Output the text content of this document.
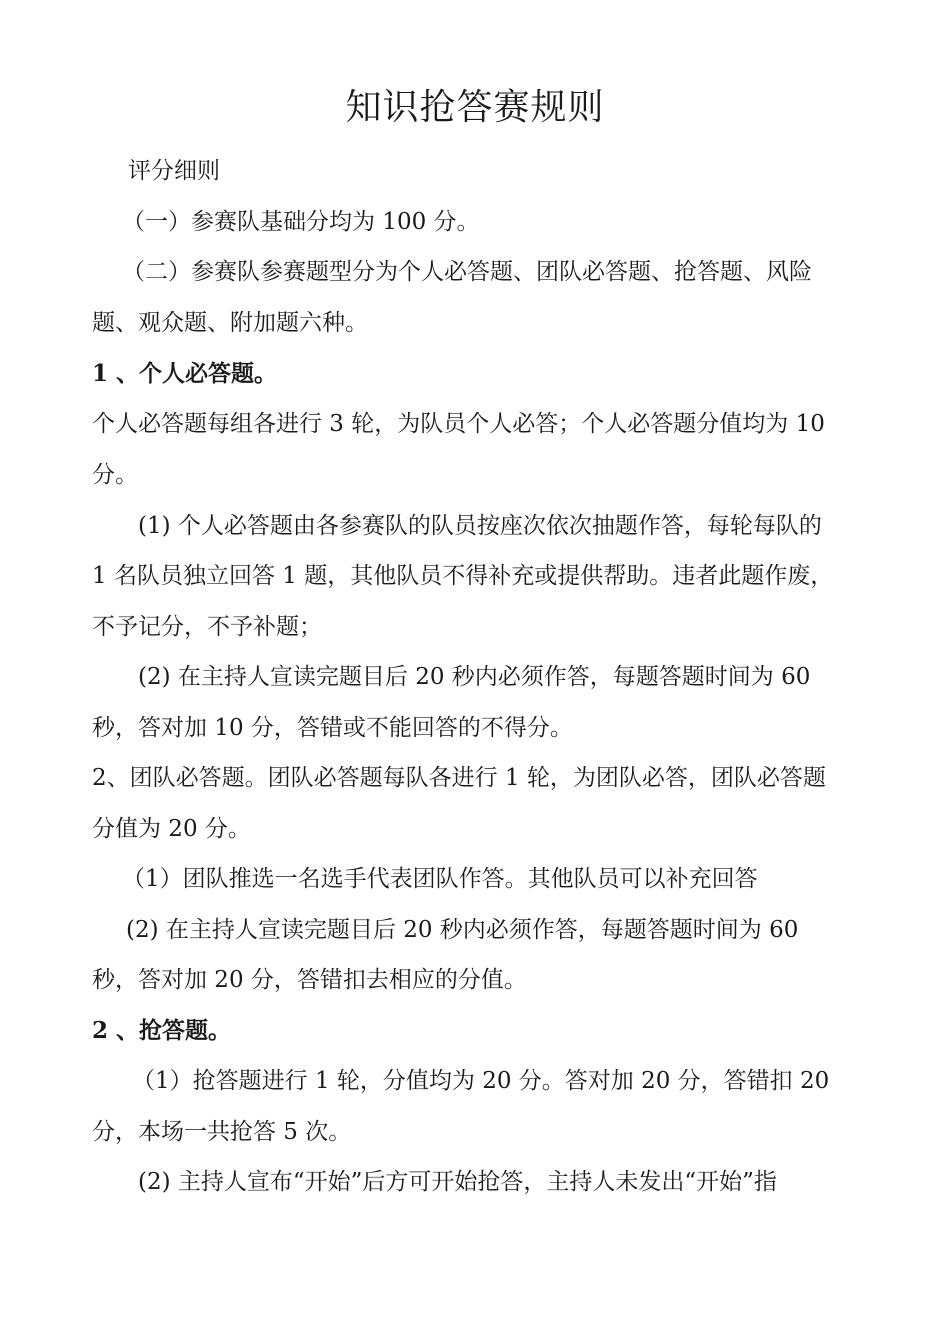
知识抢答赛规则
评分细则
（一）参赛队基础分均为 100 分。
（二）参赛队参赛题型分为个人必答题、团队必答题、抢答题、风险
题、观众题、附加题六种。
1 、个人必答题。
个人必答题每组各进行 3 轮，为队员个人必答；个人必答题分值均为 10
分。
(1) 个人必答题由各参赛队的队员按座次依次抽题作答，每轮每队的
1 名队员独立回答 1 题，其他队员不得补充或提供帮助。违者此题作废，
不予记分，不予补题；
(2) 在主持人宣读完题目后 20 秒内必须作答，每题答题时间为 60
秒，答对加 10 分，答错或不能回答的不得分。
2、团队必答题。团队必答题每队各进行 1 轮，为团队必答，团队必答题
分值为 20 分。
（1）团队推选一名选手代表团队作答。其他队员可以补充回答
(2) 在主持人宣读完题目后 20 秒内必须作答，每题答题时间为 60
秒，答对加 20 分，答错扣去相应的分值。
2 、抢答题。
（1）抢答题进行 1 轮，分值均为 20 分。答对加 20 分，答错扣 20
分，本场一共抢答 5 次。
(2) 主持人宣布“开始”后方可开始抢答，主持人未发出“开始”指
